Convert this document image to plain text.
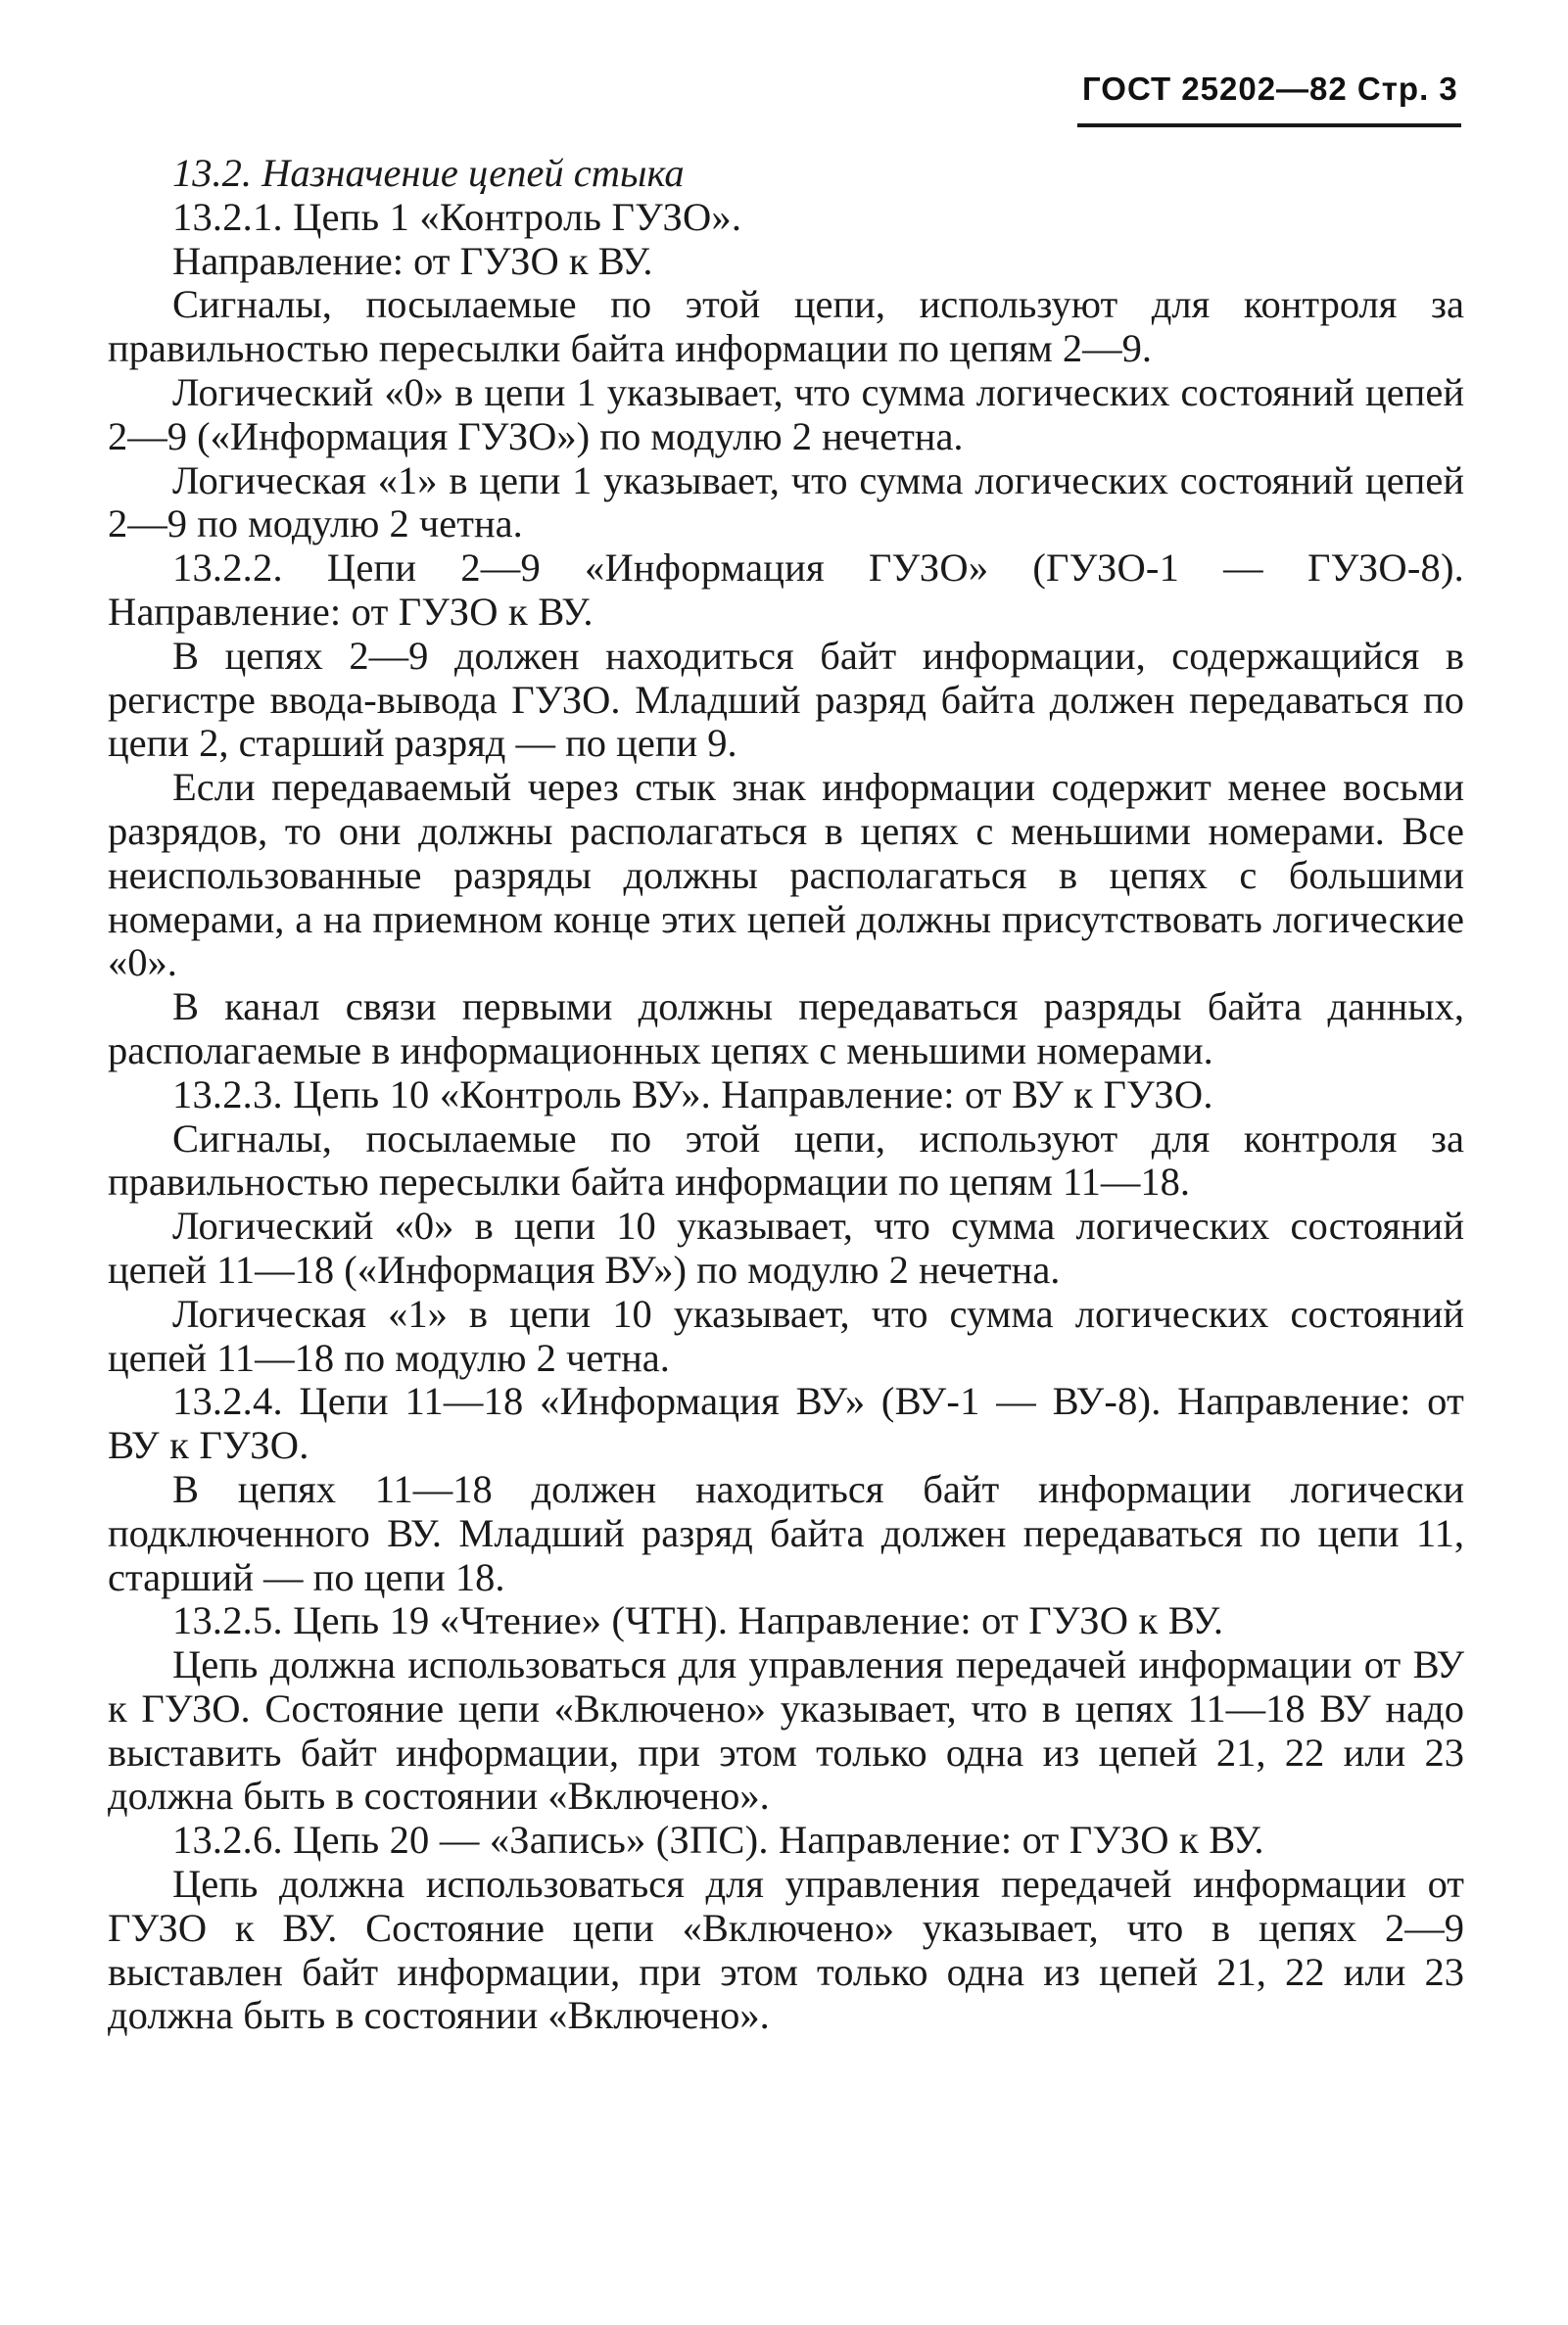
ГОСТ 25202—82 Стр. 3

13.2. Назначение цепей стыка

13.2.1. Цепь 1 «Контроль ГУЗО».

Направление: от ГУЗО к ВУ.

Сигналы, посылаемые по этой цепи, используют для контроля за правильностью пересылки байта информации по цепям 2—9.

Логический «0» в цепи 1 указывает, что сумма логических состояний цепей 2—9 («Информация ГУЗО») по модулю 2 нечетна.

Логическая «1» в цепи 1 указывает, что сумма логических состояний цепей 2—9 по модулю 2 четна.

13.2.2. Цепи 2—9 «Информация ГУЗО» (ГУЗО-1 — ГУЗО-8). Направление: от ГУЗО к ВУ.

В цепях 2—9 должен находиться байт информации, содержащийся в регистре ввода-вывода ГУЗО. Младший разряд байта должен передаваться по цепи 2, старший разряд — по цепи 9.

Если передаваемый через стык знак информации содержит менее восьми разрядов, то они должны располагаться в цепях с меньшими номерами. Все неиспользованные разряды должны располагаться в цепях с большими номерами, а на приемном конце этих цепей должны присутствовать логические «0».

В канал связи первыми должны передаваться разряды байта данных, располагаемые в информационных цепях с меньшими номерами.

13.2.3. Цепь 10 «Контроль ВУ». Направление: от ВУ к ГУЗО.

Сигналы, посылаемые по этой цепи, используют для контроля за правильностью пересылки байта информации по цепям 11—18.

Логический «0» в цепи 10 указывает, что сумма логических состояний цепей 11—18 («Информация ВУ») по модулю 2 нечетна.

Логическая «1» в цепи 10 указывает, что сумма логических состояний цепей 11—18 по модулю 2 четна.

13.2.4. Цепи 11—18 «Информация ВУ» (ВУ-1 — ВУ-8). Направление: от ВУ к ГУЗО.

В цепях 11—18 должен находиться байт информации логически подключенного ВУ. Младший разряд байта должен передаваться по цепи 11, старший — по цепи 18.

13.2.5. Цепь 19 «Чтение» (ЧТН). Направление: от ГУЗО к ВУ.

Цепь должна использоваться для управления передачей информации от ВУ к ГУЗО. Состояние цепи «Включено» указывает, что в цепях 11—18 ВУ надо выставить байт информации, при этом только одна из цепей 21, 22 или 23 должна быть в состоянии «Включено».

13.2.6. Цепь 20 — «Запись» (ЗПС). Направление: от ГУЗО к ВУ.

Цепь должна использоваться для управления передачей информации от ГУЗО к ВУ. Состояние цепи «Включено» указывает, что в цепях 2—9 выставлен байт информации, при этом только одна из цепей 21, 22 или 23 должна быть в состоянии «Включено».
